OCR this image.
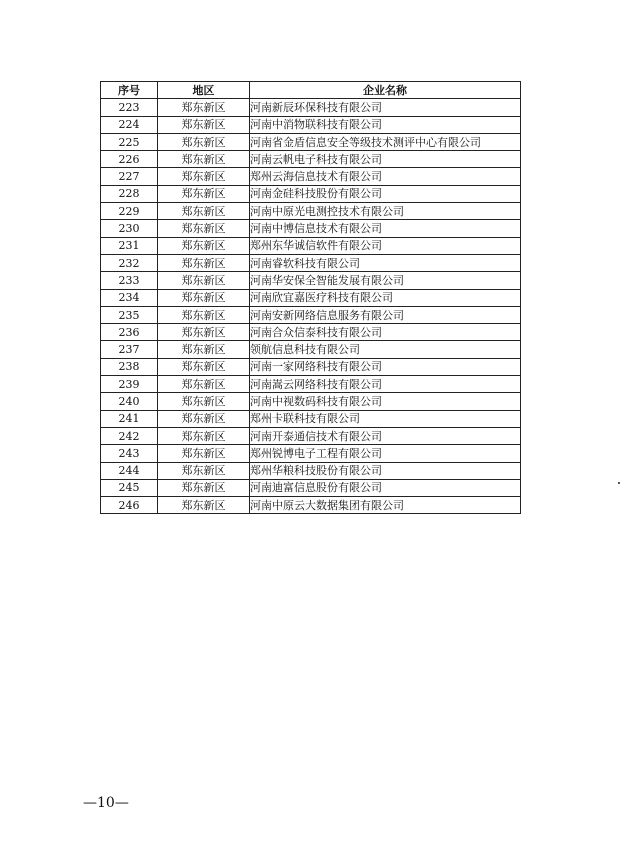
序号	地区	企业名称
223	郑东新区	河南新辰环保科技有限公司
224	郑东新区	河南中消物联科技有限公司
225	郑东新区	河南省金盾信息安全等级技术测评中心有限公司
226	郑东新区	河南云帆电子科技有限公司
227	郑东新区	郑州云海信息技术有限公司
228	郑东新区	河南金硅科技股份有限公司
229	郑东新区	河南中原光电测控技术有限公司
230	郑东新区	河南中博信息技术有限公司
231	郑东新区	郑州东华诚信软件有限公司
232	郑东新区	河南睿软科技有限公司
233	郑东新区	河南华安保全智能发展有限公司
234	郑东新区	河南欣宜嘉医疗科技有限公司
235	郑东新区	河南安新网络信息服务有限公司
236	郑东新区	河南合众信泰科技有限公司
237	郑东新区	领航信息科技有限公司
238	郑东新区	河南一家网络科技有限公司
239	郑东新区	河南嵩云网络科技有限公司
240	郑东新区	河南中视数码科技有限公司
241	郑东新区	郑州卡联科技有限公司
242	郑东新区	河南开泰通信技术有限公司
243	郑东新区	郑州锐博电子工程有限公司
244	郑东新区	郑州华粮科技股份有限公司
245	郑东新区	河南迪富信息股份有限公司
246	郑东新区	河南中原云大数据集团有限公司
—10—
